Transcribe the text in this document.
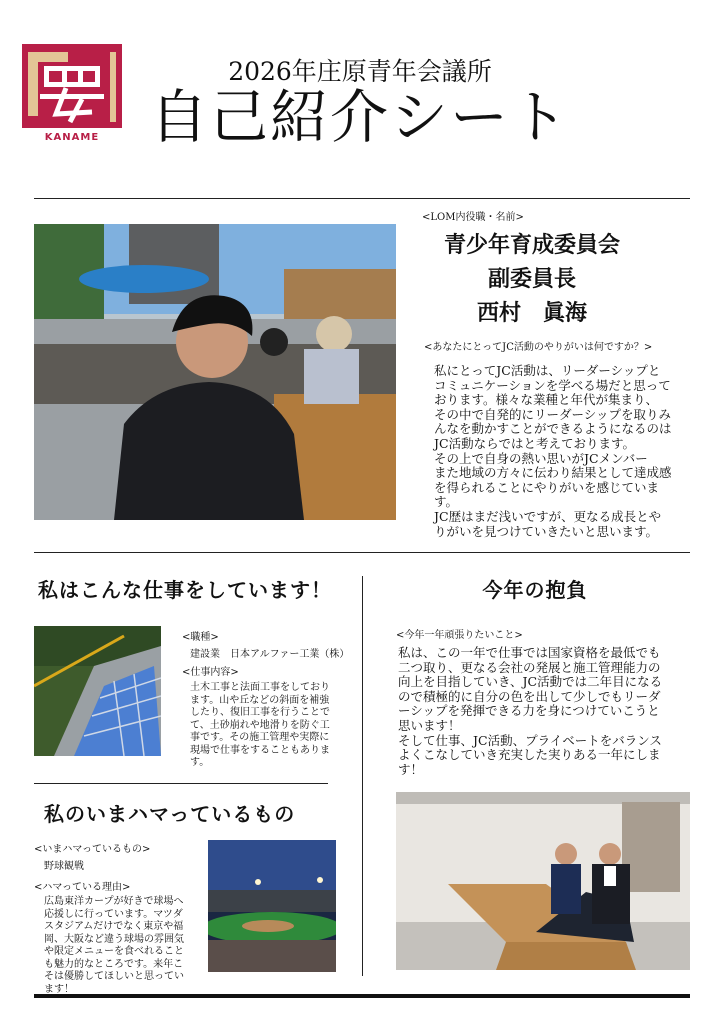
KANAME
2026年庄原青年会議所
自己紹介シート
<LOM内役職・名前>
青少年育成委員会
副委員長
西村　眞海
<あなたにとってJC活動のやりがいは何ですか？>
私にとってJC活動は、リーダーシップと
コミュニケーションを学べる場だと思って
おります。様々な業種と年代が集まり、
その中で自発的にリーダーシップを取りみ
んなを動かすことができるようになるのは
JC活動ならではと考えております。
その上で自身の熱い思いがJCメンバー
また地域の方々に伝わり結果として達成感
を得られることにやりがいを感じていま
す。
JC歴はまだ浅いですが、更なる成長とや
りがいを見つけていきたいと思います。
私はこんな仕事をしています！
<職種>
建設業　日本アルファー工業（株）
<仕事内容>
土木工事と法面工事をしており
ます。山や丘などの斜面を補強
したり、復旧工事を行うことで
て、土砂崩れや地滑りを防ぐ工
事です。その施工管理や実際に
現場で仕事をすることもありま
す。
私のいまハマっているもの
<いまハマっているもの>
野球観戦
<ハマっている理由>
広島東洋カープが好きで球場へ
応援しに行っています。マツダ
スタジアムだけでなく東京や福
岡、大阪など違う球場の雰囲気
や限定メニューを食べれること
も魅力的なところです。来年こ
そは優勝してほしいと思ってい
ます！
今年の抱負
<今年一年頑張りたいこと>
私は、この一年で仕事では国家資格を最低でも
二つ取り、更なる会社の発展と施工管理能力の
向上を目指していき、JC活動では二年目になる
ので積極的に自分の色を出して少しでもリーダ
ーシップを発揮できる力を身につけていこうと
思います！
そして仕事、JC活動、プライベートをバランス
よくこなしていき充実した実りある一年にしま
す！
